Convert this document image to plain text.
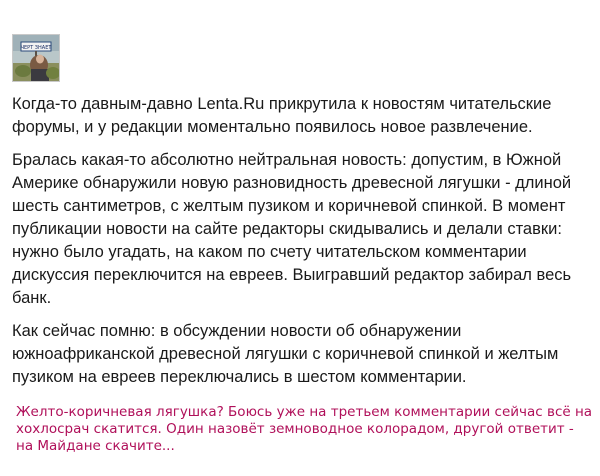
ЧЕРТ ЗНАЕТ

Когда-то давным-давно Lenta.Ru прикрутила к новостям читательские форумы, и у редакции моментально появилось новое развлечение.

Бралась какая-то абсолютно нейтральная новость: допустим, в Южной Америке обнаружили новую разновидность древесной лягушки - длиной шесть сантиметров, с желтым пузиком и коричневой спинкой. В момент публикации новости на сайте редакторы скидывались и делали ставки: нужно было угадать, на каком по счету читательском комментарии дискуссия переключится на евреев. Выигравший редактор забирал весь банк.

Как сейчас помню: в обсуждении новости об обнаружении южноафриканской древесной лягушки с коричневой спинкой и желтым пузиком на евреев переключались в шестом комментарии.

Желто-коричневая лягушка? Боюсь уже на третьем комментарии сейчас всё на хохлосрач скатится. Один назовёт земноводное колорадом, другой ответит - на Майдане скачите...
